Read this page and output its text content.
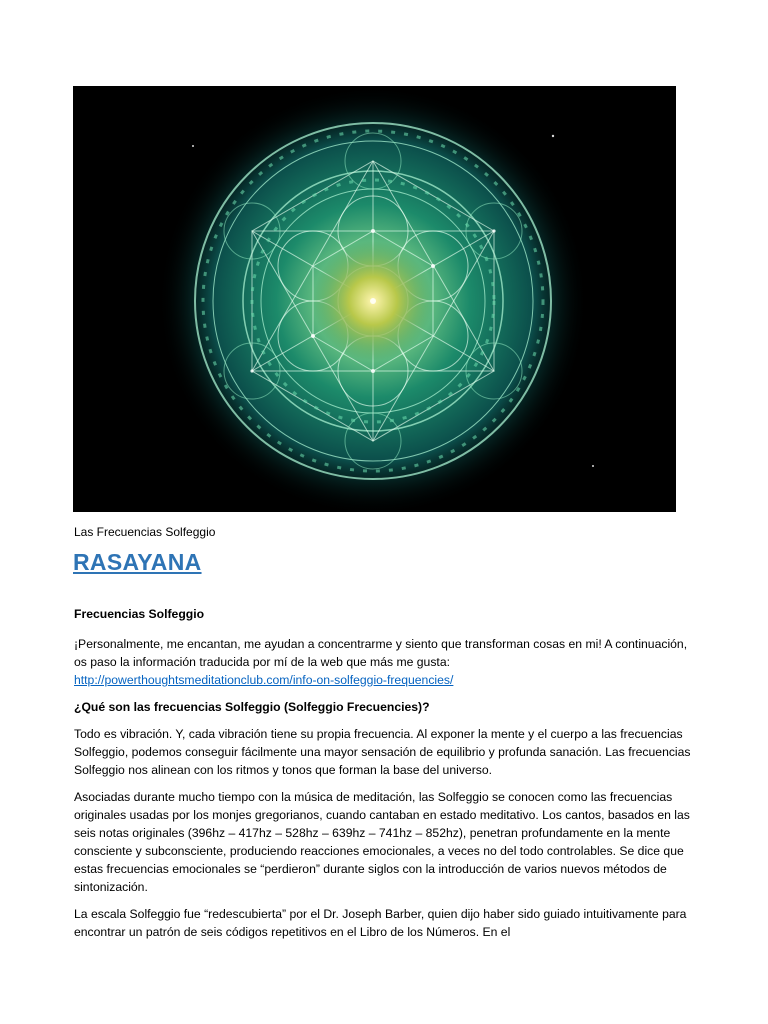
Las Frecuencias Solfeggio
RASAYANA

Frecuencias Solfeggio

¡Personalmente, me encantan, me ayudan a concentrarme y siento que transforman cosas en mi! A continuación, os paso la información traducida por mí de la web que más me gusta: http://powerthoughtsmeditationclub.com/info-on-solfeggio-frequencies/

¿Qué son las frecuencias Solfeggio (Solfeggio Frecuencies)?

Todo es vibración. Y, cada vibración tiene su propia frecuencia. Al exponer la mente y el cuerpo a las frecuencias Solfeggio, podemos conseguir fácilmente una mayor sensación de equilibrio y profunda sanación. Las frecuencias Solfeggio nos alinean con los ritmos y tonos que forman la base del universo.

Asociadas durante mucho tiempo con la música de meditación, las Solfeggio se conocen como las frecuencias originales usadas por los monjes gregorianos, cuando cantaban en estado meditativo. Los cantos, basados en las seis notas originales (396hz – 417hz – 528hz – 639hz – 741hz – 852hz), penetran profundamente en la mente consciente y subconsciente, produciendo reacciones emocionales, a veces no del todo controlables. Se dice que estas frecuencias emocionales se “perdieron” durante siglos con la introducción de varios nuevos métodos de sintonización.

La escala Solfeggio fue “redescubierta” por el Dr. Joseph Barber, quien dijo haber sido guiado intuitivamente para encontrar un patrón de seis códigos repetitivos en el Libro de los Números. En el
